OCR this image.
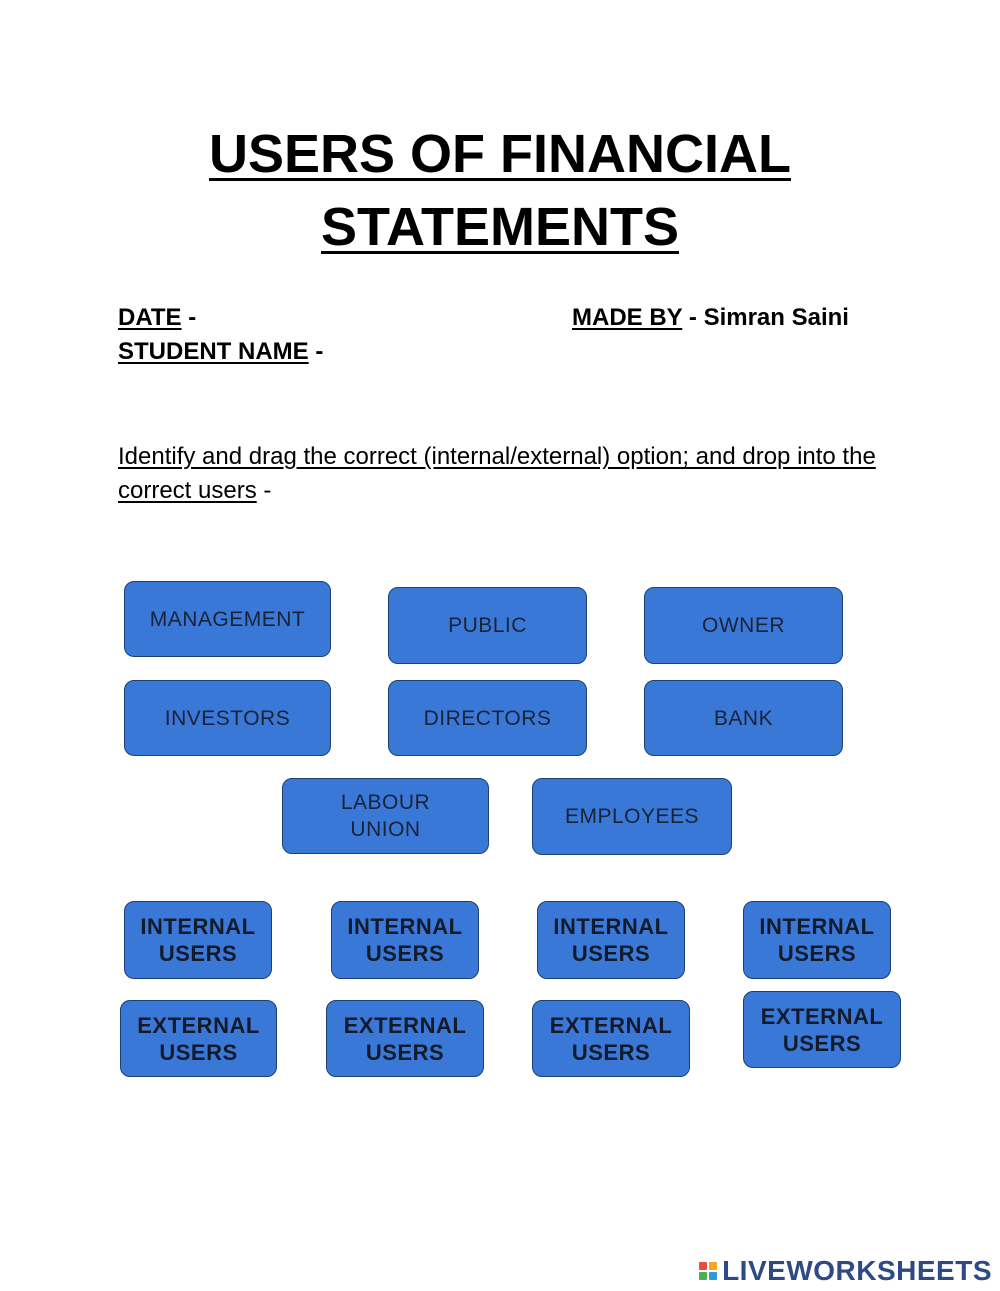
USERS OF FINANCIAL
STATEMENTS
DATE -
STUDENT NAME -
MADE BY - Simran Saini
Identify and drag the correct (internal/external) option; and drop into the correct users -
MANAGEMENT	PUBLIC	OWNER
INVESTORS	DIRECTORS	BANK
LABOUR
UNION
EMPLOYEES
INTERNAL
USERS
INTERNAL
USERS
INTERNAL
USERS
INTERNAL
USERS
EXTERNAL
USERS
EXTERNAL
USERS
EXTERNAL
USERS
EXTERNAL
USERS
LIVEWORKSHEETS
